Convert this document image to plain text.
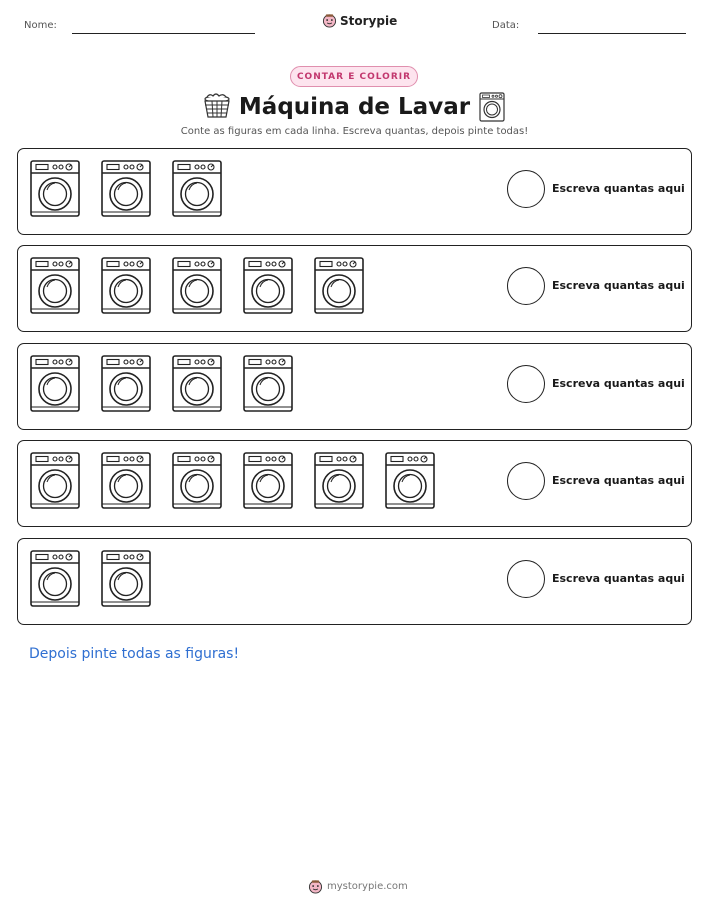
Nome:	Storypie	Data:
CONTAR E COLORIR
Máquina de Lavar
Conte as figuras em cada linha. Escreva quantas, depois pinte todas!
Escreva quantas aqui
Escreva quantas aqui
Escreva quantas aqui
Escreva quantas aqui
Escreva quantas aqui
Depois pinte todas as figuras!
mystorypie.com
